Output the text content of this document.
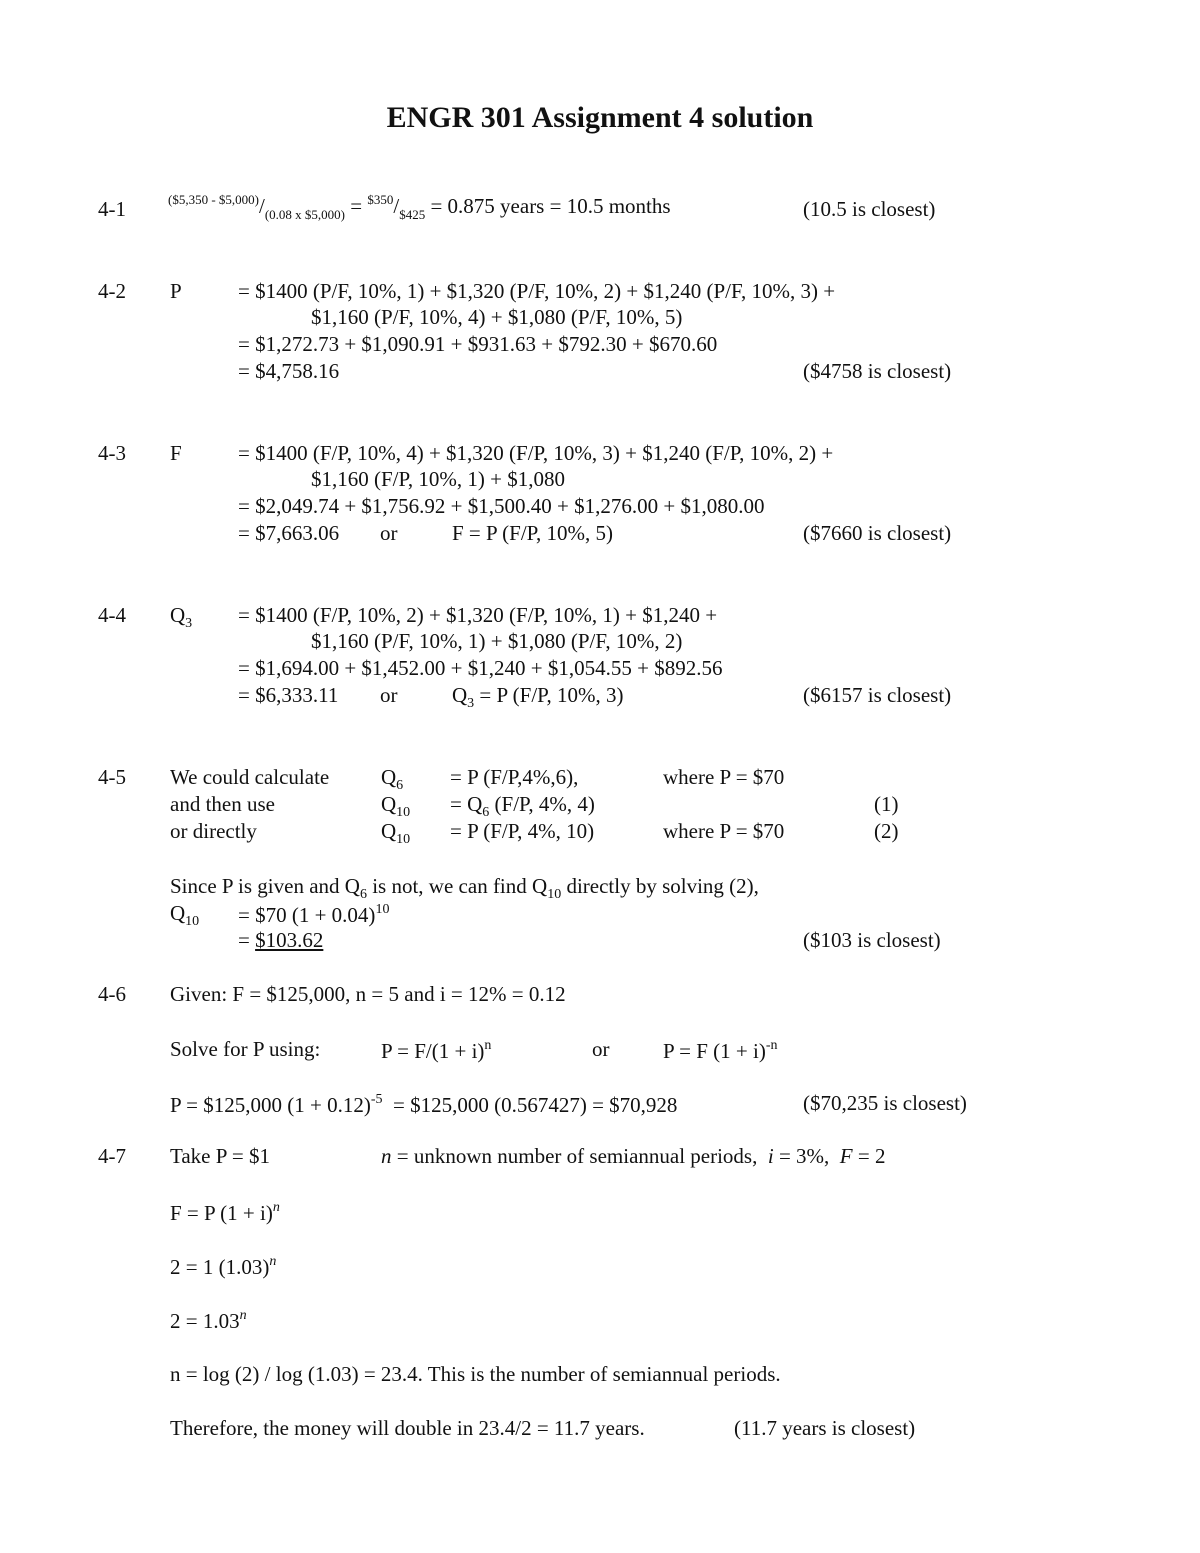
ENGR 301 Assignment 4 solution
4-1	$^{(\$5,350 - \$5,000)}/_{(0.08 x \$5,000)} = ^{\$350}/_{\$425} = 0.875$ years = 10.5 months	(10.5 is closest)
4-2 P	= $1400 (P/F, 10%, 1) + $1,320 (P/F, 10%, 2) + $1,240 (P/F, 10%, 3) +
$1,160 (P/F, 10%, 4) + $1,080 (P/F, 10%, 5)
= $1,272.73 + $1,090.91 + $931.63 + $792.30 + $670.60
= $4,758.16	($4758 is closest)
4-3 F	= $1400 (F/P, 10%, 4) + $1,320 (F/P, 10%, 3) + $1,240 (F/P, 10%, 2) +
$1,160 (F/P, 10%, 1) + $1,080
= $2,049.74 + $1,756.92 + $1,500.40 + $1,276.00 + $1,080.00
= $7,663.06 or	F = P (F/P, 10%, 5)	($7660 is closest)
4-4 $Q_3$ = $1400 (F/P, 10%, 2) + $1,320 (F/P, 10%, 1) + $1,240 +
$1,160 (P/F, 10%, 1) + $1,080 (P/F, 10%, 2)
= $1,694.00 + $1,452.00 + $1,240 + $1,054.55 + $892.56
= $6,333.11 or	$Q_3 = P$ (F/P, 10%, 3)	($6157 is closest)
4-5 We could calculate $Q_6 = P$ (F/P,4%,6),	where P = $70
and then use	$Q_{10} = Q_6$ (F/P, 4%, 4)	(1)
or directly	$Q_{10} = P$ (F/P, 4%, 10)	where P = $70	(2)
Since P is given and $Q_6$ is not, we can find $Q_{10}$ directly by solving (2),
$Q_{10}$ = $70 $(1 + 0.04)^{10}$
= $103.62	($103 is closest)
4-6 Given: F = $125,000, n = 5 and i = 12% = 0.12
Solve for P using:	$P = F/(1 + i)^n$	or	P = F $(1 + i)^{-n}$
P = $125,000 $(1 + 0.12)^{-5}$ = $125,000 (0.567427) = $70,928	($70,235 is closest)
4-7 Take P = $1	n = unknown number of semiannual periods, i = 3%, F = 2
F = P $(1 + i)^n$
2 = 1 $(1.03)^n$
$2 = 1.03^n$
n = log (2) / log (1.03) = 23.4. This is the number of semiannual periods.
Therefore, the money will double in 23.4/2 = 11.7 years.	(11.7 years is closest)
